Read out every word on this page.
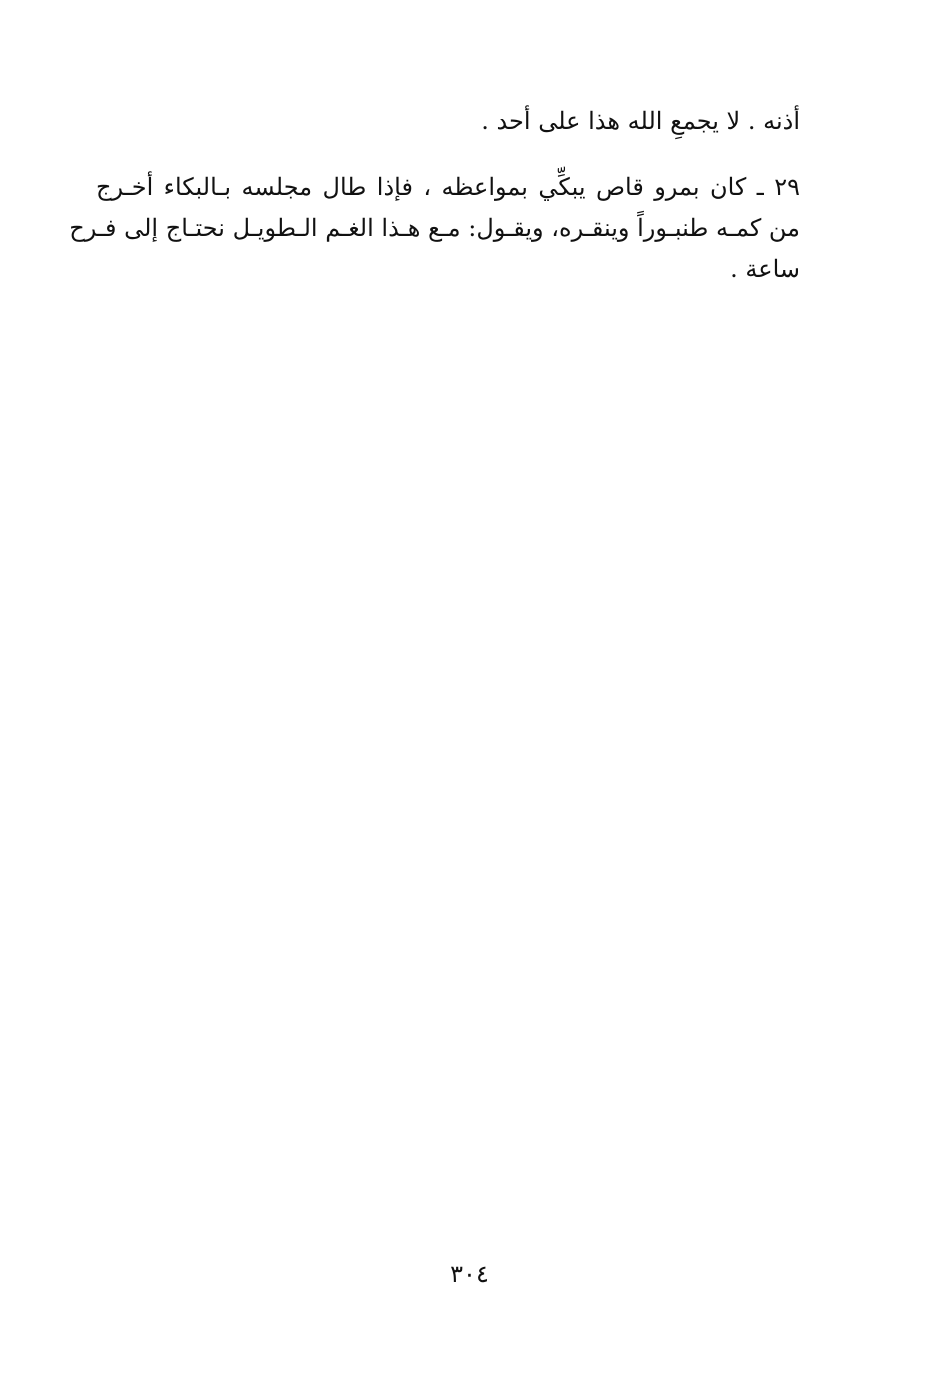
أذنه . لا يجمعِ الله هذا على أحد .
٢٩ ـ كان بمرو قاص يبكِّي بمواعظه ، فإذا طال مجلسه بـالبكاء أخـرج
من كمـه طنبـوراً وينقـره، ويقـول: مـع هـذا الغـم الـطويـل نحتـاج إلى فـرح
ساعة .
٣٠٤
